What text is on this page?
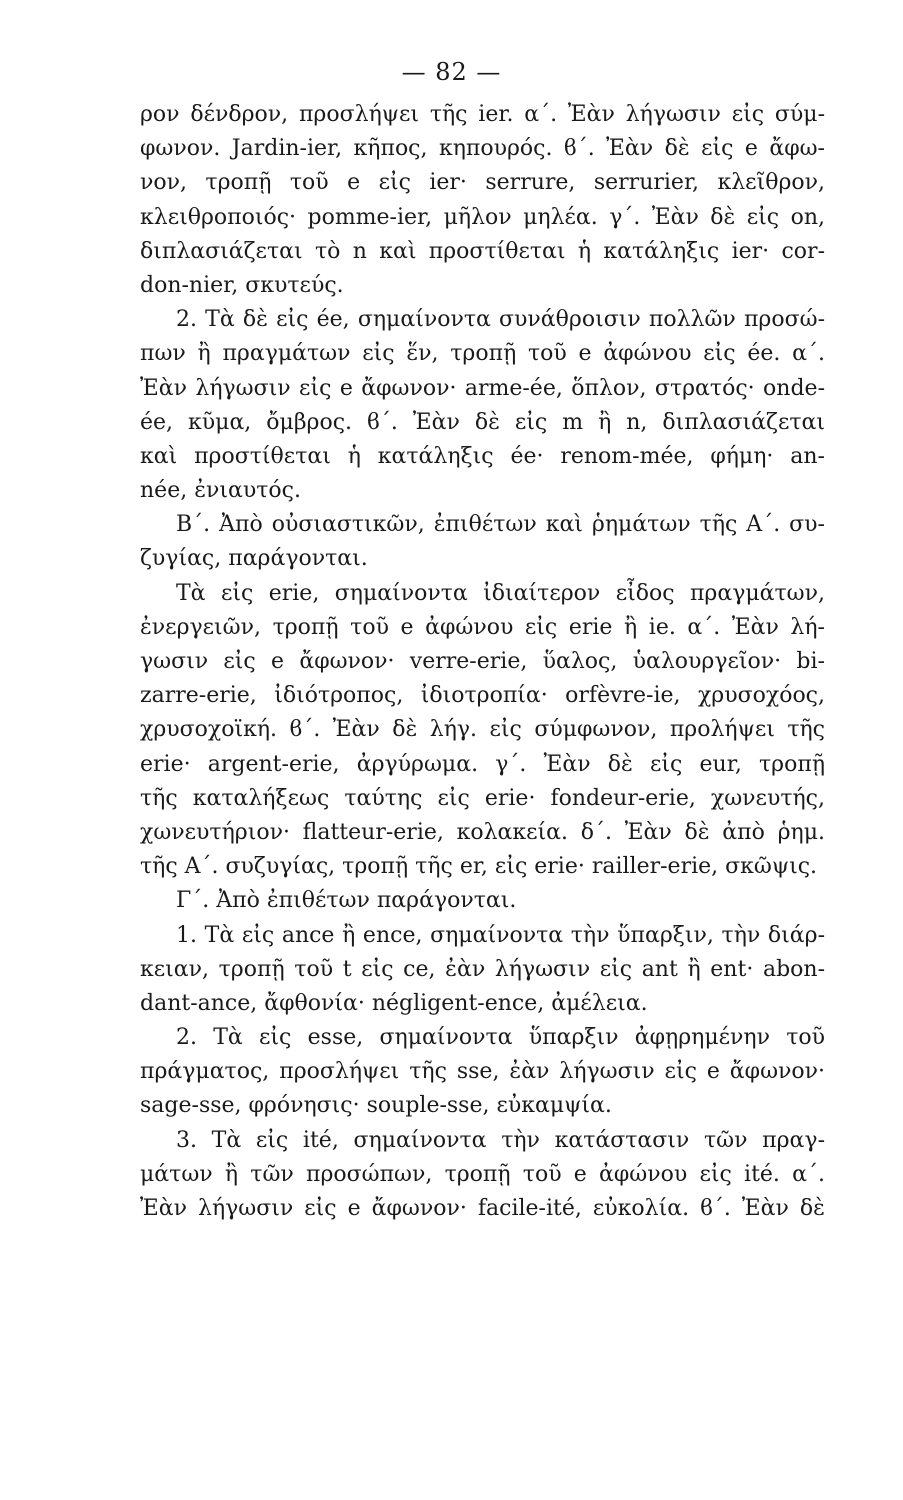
— 82 —
ρον δένδρον, προσλήψει τῆς ier. α΄. Ἐὰν λήγωσιν εἰς σύμ-
φωνον. Jardin-ier, κῆπος, κηπουρός. ϐ΄. Ἐὰν δὲ εἰς e ἄφω-
νον, τροπῇ τοῦ e εἰς ier· serrure, serrurier, κλεῖθρον,
κλειθροποιός· pomme-ier, μῆλον μηλέα. γ΄. Ἐὰν δὲ εἰς on,
διπλασιάζεται τὸ n καὶ προστίθεται ἡ κατάληξις ier· cor-
don-nier, σκυτεύς.
2. Τὰ δὲ εἰς ée, σημαίνοντα συνάθροισιν πολλῶν προσώ-
πων ἢ πραγμάτων εἰς ἕν, τροπῇ τοῦ e ἀφώνου εἰς ée. α΄.
Ἐὰν λήγωσιν εἰς e ἄφωνον· arme-ée, ὅπλον, στρατός· onde-
ée, κῦμα, ὄμβρος. ϐ΄. Ἐὰν δὲ εἰς m ἢ n, διπλασιάζεται
καὶ προστίθεται ἡ κατάληξις ée· renom-mée, φήμη· an-
née, ἐνιαυτός.
Β΄. Ἀπὸ οὐσιαστικῶν, ἐπιθέτων καὶ ῥημάτων τῆς Α΄. συ-
ζυγίας, παράγονται.
Τὰ εἰς erie, σημαίνοντα ἰδιαίτερον εἶδος πραγμάτων,
ἐνεργειῶν, τροπῇ τοῦ e ἀφώνου εἰς erie ἢ ie. α΄. Ἐὰν λή-
γωσιν εἰς e ἄφωνον· verre-erie, ὕαλος, ὑαλουργεῖον· bi-
zarre-erie, ἰδιότροπος, ἰδιοτροπία· orfèvre-ie, χρυσοχόος,
χρυσοχοϊκή. ϐ΄. Ἐὰν δὲ λήγ. εἰς σύμφωνον, προλήψει τῆς
erie· argent-erie, ἀργύρωμα. γ΄. Ἐὰν δὲ εἰς eur, τροπῇ
τῆς καταλήξεως ταύτης εἰς erie· fondeur-erie, χωνευτής,
χωνευτήριον· flatteur-erie, κολακεία. δ΄. Ἐὰν δὲ ἀπὸ ῥημ.
τῆς Α΄. συζυγίας, τροπῇ τῆς er, εἰς erie· railler-erie, σκῶψις.
Γ΄. Ἀπὸ ἐπιθέτων παράγονται.
1. Τὰ εἰς ance ἢ ence, σημαίνοντα τὴν ὕπαρξιν, τὴν διάρ-
κειαν, τροπῇ τοῦ t εἰς ce, ἐὰν λήγωσιν εἰς ant ἢ ent· abon-
dant-ance, ἄφθονία· négligent-ence, ἀμέλεια.
2. Τὰ εἰς esse, σημαίνοντα ὕπαρξιν ἀφῃρημένην τοῦ
πράγματος, προσλήψει τῆς sse, ἐὰν λήγωσιν εἰς e ἄφωνον·
sage-sse, φρόνησις· souple-sse, εὐκαμψία.
3. Τὰ εἰς ité, σημαίνοντα τὴν κατάστασιν τῶν πραγ-
μάτων ἢ τῶν προσώπων, τροπῇ τοῦ e ἀφώνου εἰς ité. α΄.
Ἐὰν λήγωσιν εἰς e ἄφωνον· facile-ité, εὐκολία. ϐ΄. Ἐὰν δὲ
